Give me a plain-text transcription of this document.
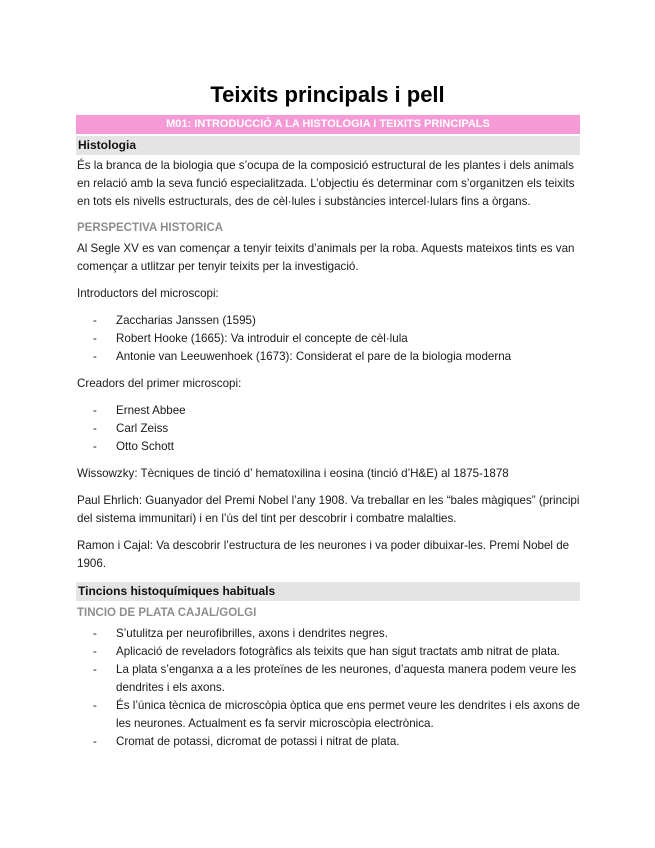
Teixits principals i pell
M01: INTRODUCCIÓ A LA HISTOLOGIA I TEIXITS PRINCIPALS
Histologia
És la branca de la biologia que s’ocupa de la composició estructural de les plantes i dels animals
en relació amb la seva funció especialitzada. L’objectiu és determinar com s’organitzen els teixits
en tots els nivells estructurals, des de cèl·lules i substàncies intercel·lulars fins a òrgans.
PERSPECTIVA HISTORICA
Al Segle XV es van començar a tenyir teixits d’animals per la roba. Aquests mateixos tints es van
començar a utlitzar per tenyir teixits per la investigació.
Introductors del microscopi:
-	Zaccharias Janssen (1595)
-	Robert Hooke (1665): Va introduir el concepte de cèl·lula
-	Antonie van Leeuwenhoek (1673): Considerat el pare de la biologia moderna
Creadors del primer microscopi:
-	Ernest Abbee
-	Carl Zeiss
-	Otto Schott
Wissowzky: Tècniques de tinció d’ hematoxilina i eosina (tinció d’H&E) al 1875-1878
Paul Ehrlich: Guanyador del Premi Nobel l’any 1908. Va treballar en les “bales màgiques” (principi
del sistema immunitari) i en l’ús del tint per descobrir i combatre malalties.
Ramon i Cajal: Va descobrir l’estructura de les neurones i va poder dibuixar-les. Premi Nobel de
1906.
Tincions histoquímiques habituals
TINCIO DE PLATA CAJAL/GOLGI
-	S’utulitza per neurofibrilles, axons i dendrites negres.
-	Aplicació de reveladors fotogràfics als teixits que han sigut tractats amb nitrat de plata.
-	La plata s’enganxa a a les proteïnes de les neurones, d’aquesta manera podem veure les
dendrites i els axons.
-	És l’única tècnica de microscòpia òptica que ens permet veure les dendrites i els axons de
les neurones. Actualment es fa servir microscòpia electrònica.
-	Cromat de potassi, dicromat de potassi i nitrat de plata.
